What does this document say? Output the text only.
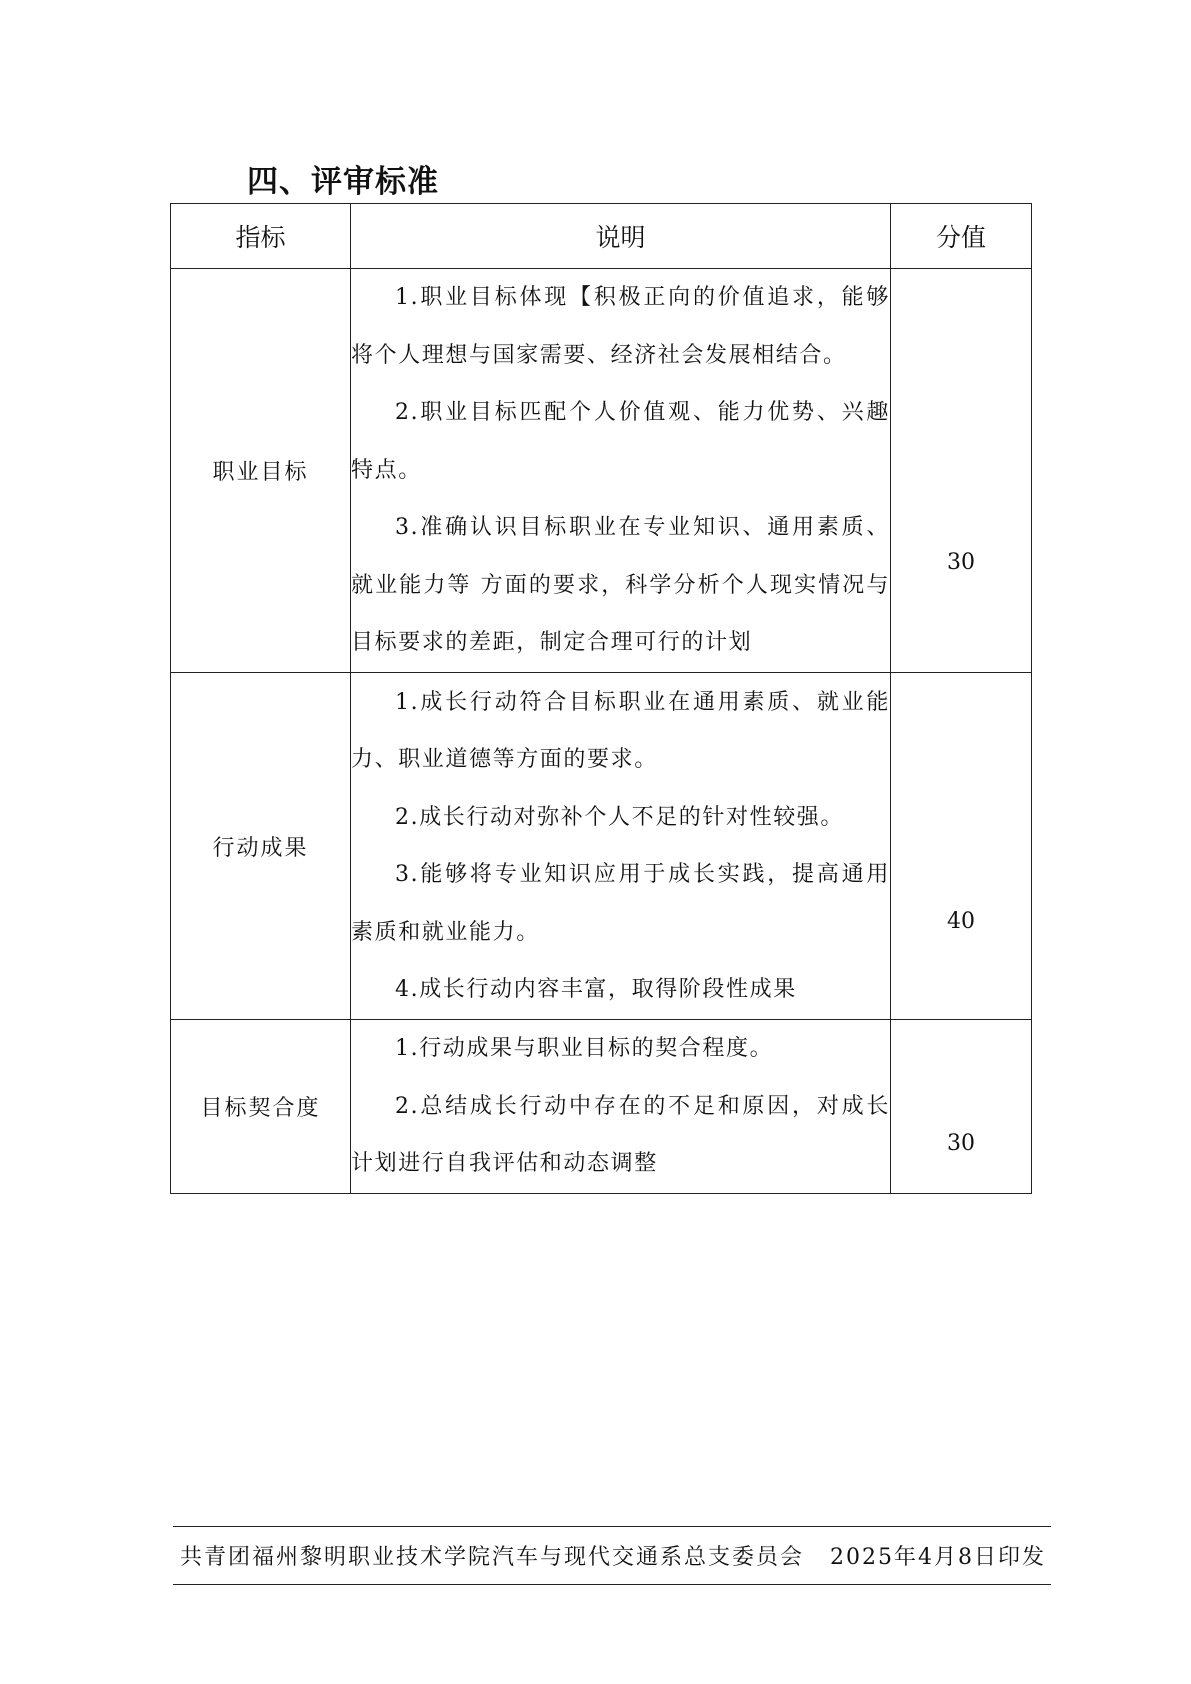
四、评审标准
指标	说明	分值
职业目标	1.职业目标体现【积极正向的价值追求，能够将个人理想与国家需要、经济社会发展相结合。

2.职业目标匹配个人价值观、能力优势、兴趣特点。

3.准确认识目标职业在专业知识、通用素质、就业能力等 方面的要求，科学分析个人现实情况与目标要求的差距，制定合理可行的计划	30
行动成果	1.成长行动符合目标职业在通用素质、就业能力、职业道德等方面的要求。

2.成长行动对弥补个人不足的针对性较强。

3.能够将专业知识应用于成长实践，提高通用素质和就业能力。

4.成长行动内容丰富，取得阶段性成果	40
目标契合度	1.行动成果与职业目标的契合程度。

2.总结成长行动中存在的不足和原因，对成长计划进行自我评估和动态调整	30
共青团福州黎明职业技术学院汽车与现代交通系总支委员会 2025年4月8日印发
